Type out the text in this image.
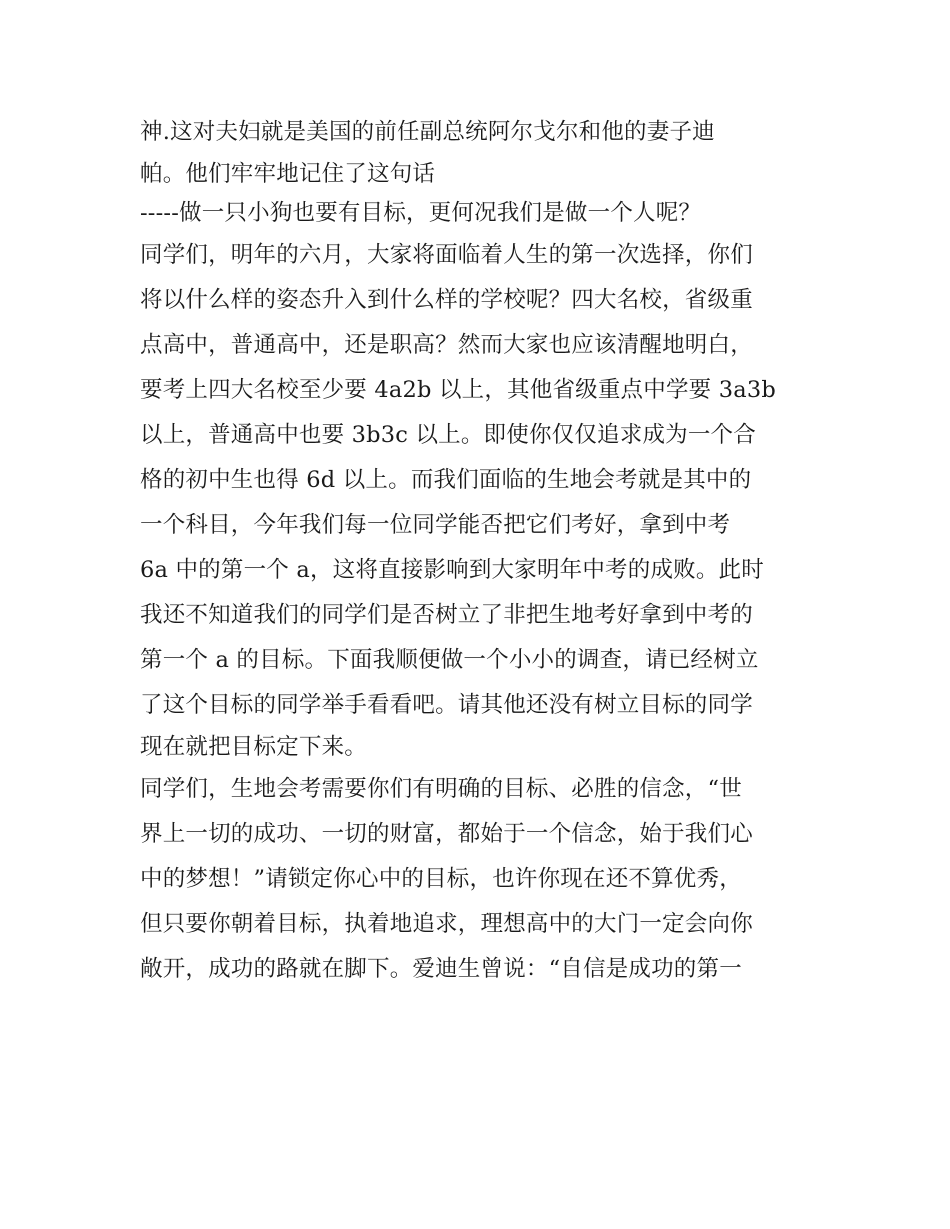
神.这对夫妇就是美国的前任副总统阿尔戈尔和他的妻子迪
帕。他们牢牢地记住了这句话
-----做一只小狗也要有目标，更何况我们是做一个人呢？
同学们，明年的六月，大家将面临着人生的第一次选择，你们
将以什么样的姿态升入到什么样的学校呢？四大名校，省级重
点高中，普通高中，还是职高？然而大家也应该清醒地明白，
要考上四大名校至少要 4a2b 以上，其他省级重点中学要 3a3b
以上，普通高中也要 3b3c 以上。即使你仅仅追求成为一个合
格的初中生也得 6d 以上。而我们面临的生地会考就是其中的
一个科目，今年我们每一位同学能否把它们考好，拿到中考
6a 中的第一个 a，这将直接影响到大家明年中考的成败。此时
我还不知道我们的同学们是否树立了非把生地考好拿到中考的
第一个 a 的目标。下面我顺便做一个小小的调查，请已经树立
了这个目标的同学举手看看吧。请其他还没有树立目标的同学
现在就把目标定下来。
同学们，生地会考需要你们有明确的目标、必胜的信念，“世
界上一切的成功、一切的财富，都始于一个信念，始于我们心
中的梦想！”请锁定你心中的目标，也许你现在还不算优秀，
但只要你朝着目标，执着地追求，理想高中的大门一定会向你
敞开，成功的路就在脚下。爱迪生曾说：“自信是成功的第一
